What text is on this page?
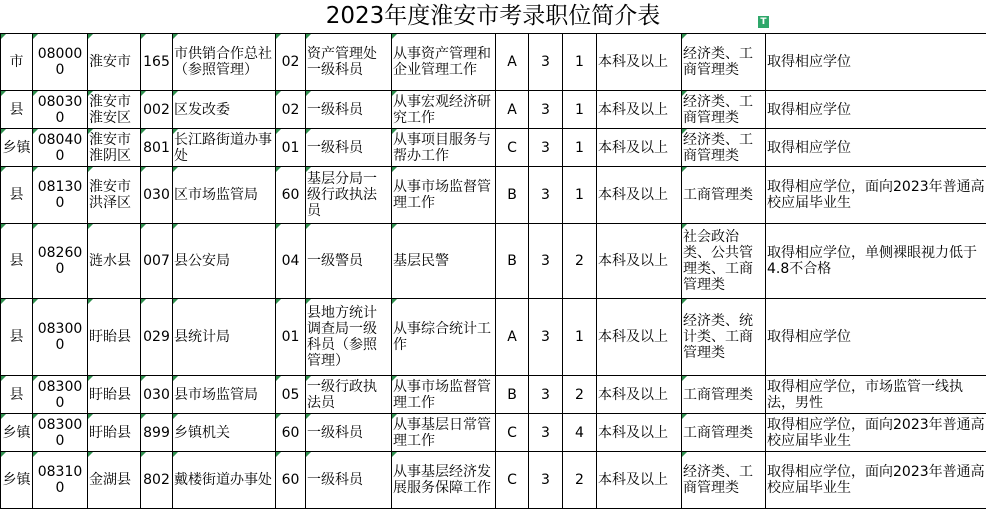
2023年度淮安市考录职位简介表	T
市	080000	淮安市	165	市供销合作总社（参照管理）	02	资产管理处一级科员	从事资产管理和企业管理工作	A	3	1	本科及以上	经济类、工商管理类	取得相应学位
县	080300	淮安市淮安区	002	区发改委	02	一级科员	从事宏观经济研究工作	A	3	1	本科及以上	经济类、工商管理类	取得相应学位
乡镇	080400	淮安市淮阴区	801	长江路街道办事处	01	一级科员	从事项目服务与帮办工作	C	3	1	本科及以上	经济类、工商管理类	取得相应学位
县	081300	淮安市洪泽区	030	区市场监管局	60	基层分局一级行政执法员	从事市场监督管理工作	B	3	1	本科及以上	工商管理类	取得相应学位，面向2023年普通高校应届毕业生
县	082600	涟水县	007	县公安局	04	一级警员	基层民警	B	3	2	本科及以上	社会政治类、公共管理类、工商管理类	取得相应学位，单侧裸眼视力低于4.8不合格
县	083000	盱眙县	029	县统计局	01	县地方统计调查局一级科员（参照管理）	从事综合统计工作	A	3	1	本科及以上	经济类、统计类、工商管理类	取得相应学位
县	083000	盱眙县	030	县市场监管局	05	一级行政执法员	从事市场监督管理工作	B	3	2	本科及以上	工商管理类	取得相应学位，市场监管一线执法，男性
乡镇	083000	盱眙县	899	乡镇机关	60	一级科员	从事基层日常管理工作	C	3	4	本科及以上	工商管理类	取得相应学位，面向2023年普通高校应届毕业生
乡镇	083100	金湖县	802	戴楼街道办事处	60	一级科员	从事基层经济发展服务保障工作	C	3	2	本科及以上	经济类、工商管理类	取得相应学位，面向2023年普通高校应届毕业生
